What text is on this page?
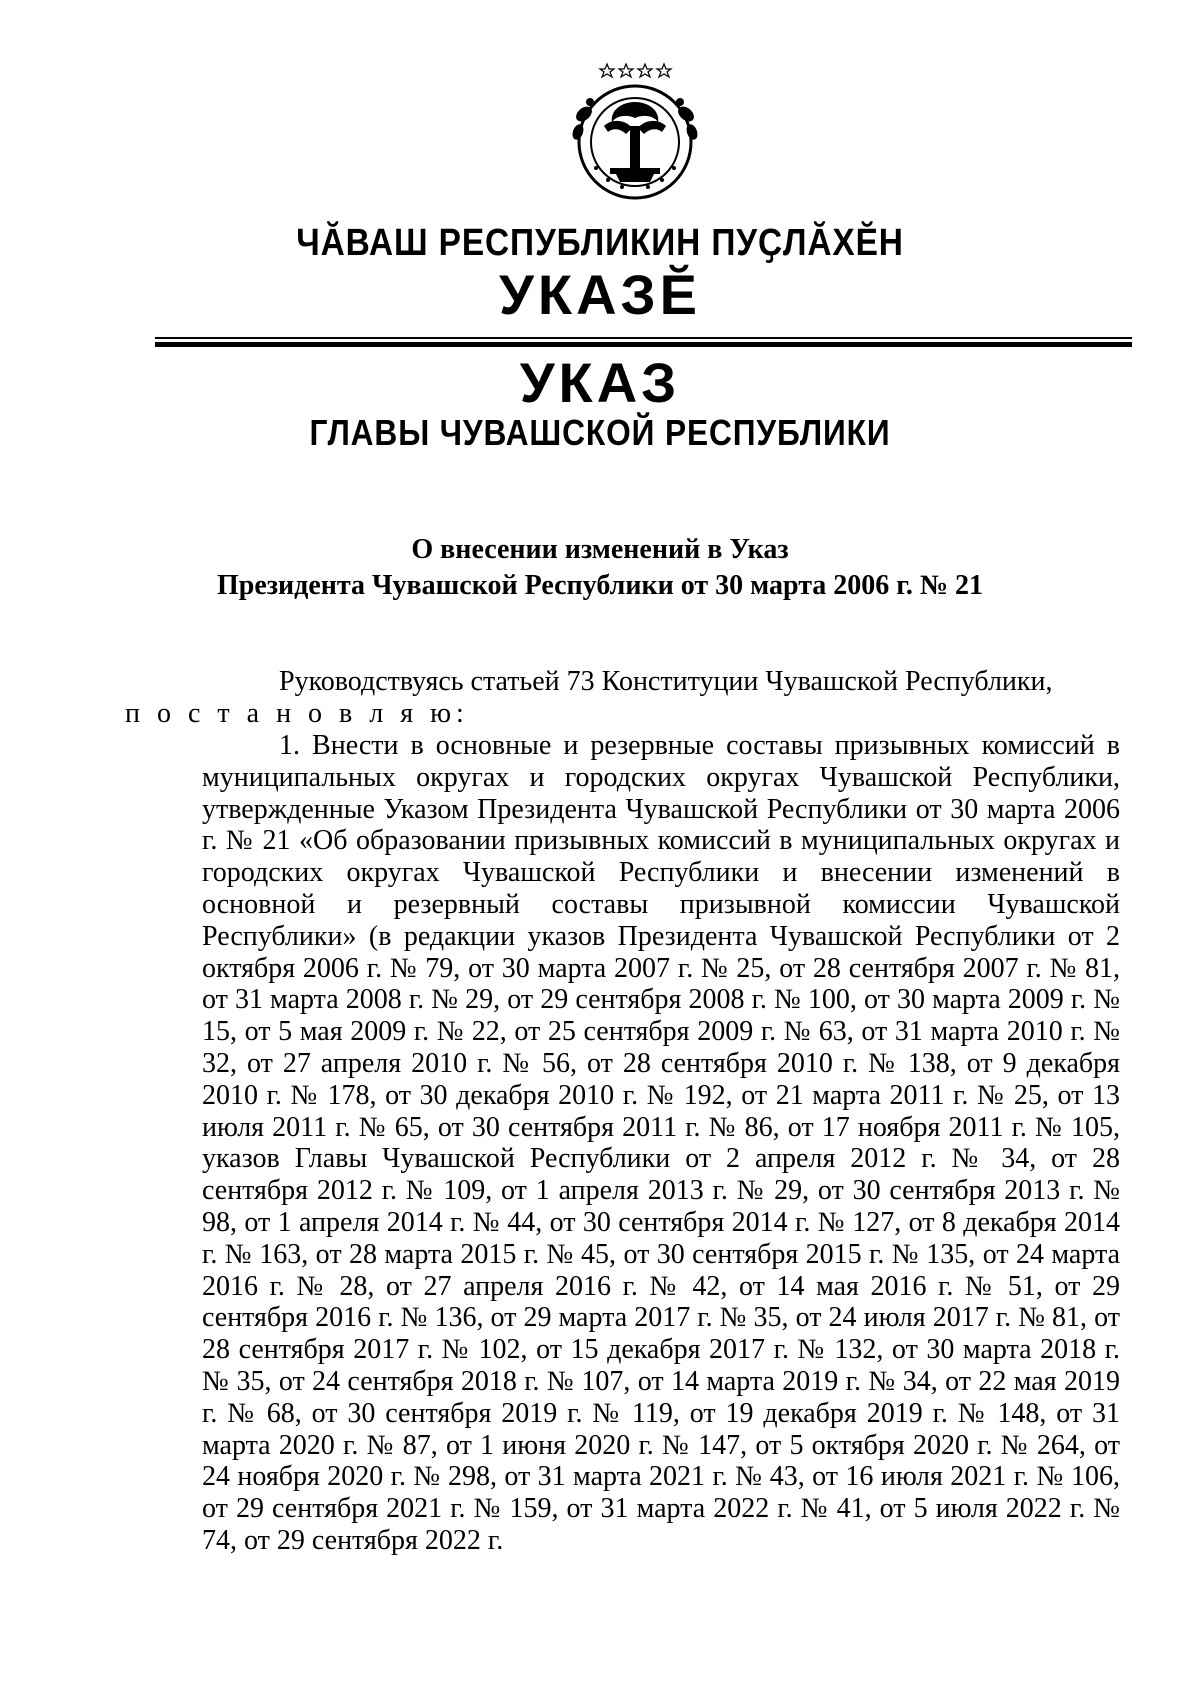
ЧӐВАШ РЕСПУБЛИКИН ПУҪЛӐХӖН
УКАЗӖ
УКАЗ
ГЛАВЫ ЧУВАШСКОЙ РЕСПУБЛИКИ
О внесении изменений в Указ
Президента Чувашской Республики от 30 марта 2006 г. № 21
Руководствуясь статьей 73 Конституции Чувашской Республики,
п о с т а н о в л я ю:
1. Внести в основные и резервные составы призывных комиссий в муниципальных округах и городских округах Чувашской Республики, утвержденные Указом Президента Чувашской Республики от 30 марта 2006 г. № 21 «Об образовании призывных комиссий в муниципальных округах и городских округах Чувашской Республики и внесении изменений в основной и резервный составы призывной комиссии Чувашской Республики» (в редакции указов Президента Чувашской Республики от 2 октября 2006 г. № 79, от 30 марта 2007 г. № 25, от 28 сентября 2007 г. № 81, от 31 марта 2008 г. № 29, от 29 сентября 2008 г. № 100, от 30 марта 2009 г. № 15, от 5 мая 2009 г. № 22, от 25 сентября 2009 г. № 63, от 31 марта 2010 г. № 32, от 27 апреля 2010 г. № 56, от 28 сентября 2010 г. № 138, от 9 декабря 2010 г. № 178, от 30 декабря 2010 г. № 192, от 21 марта 2011 г. № 25, от 13 июля 2011 г. № 65, от 30 сентября 2011 г. № 86, от 17 ноября 2011 г. № 105, указов Главы Чувашской Республики от 2 апреля 2012 г. № 34, от 28 сентября 2012 г. № 109, от 1 апреля 2013 г. № 29, от 30 сентября 2013 г. № 98, от 1 апреля 2014 г. № 44, от 30 сентября 2014 г. № 127, от 8 декабря 2014 г. № 163, от 28 марта 2015 г. № 45, от 30 сентября 2015 г. № 135, от 24 марта 2016 г. № 28, от 27 апреля 2016 г. № 42, от 14 мая 2016 г. № 51, от 29 сентября 2016 г. № 136, от 29 марта 2017 г. № 35, от 24 июля 2017 г. № 81, от 28 сентября 2017 г. № 102, от 15 декабря 2017 г. № 132, от 30 марта 2018 г. № 35, от 24 сентября 2018 г. № 107, от 14 марта 2019 г. № 34, от 22 мая 2019 г. № 68, от 30 сентября 2019 г. № 119, от 19 декабря 2019 г. № 148, от 31 марта 2020 г. № 87, от 1 июня 2020 г. № 147, от 5 октября 2020 г. № 264, от 24 ноября 2020 г. № 298, от 31 марта 2021 г. № 43, от 16 июля 2021 г. № 106, от 29 сентября 2021 г. № 159, от 31 марта 2022 г. № 41, от 5 июля 2022 г. № 74, от 29 сентября 2022 г.
